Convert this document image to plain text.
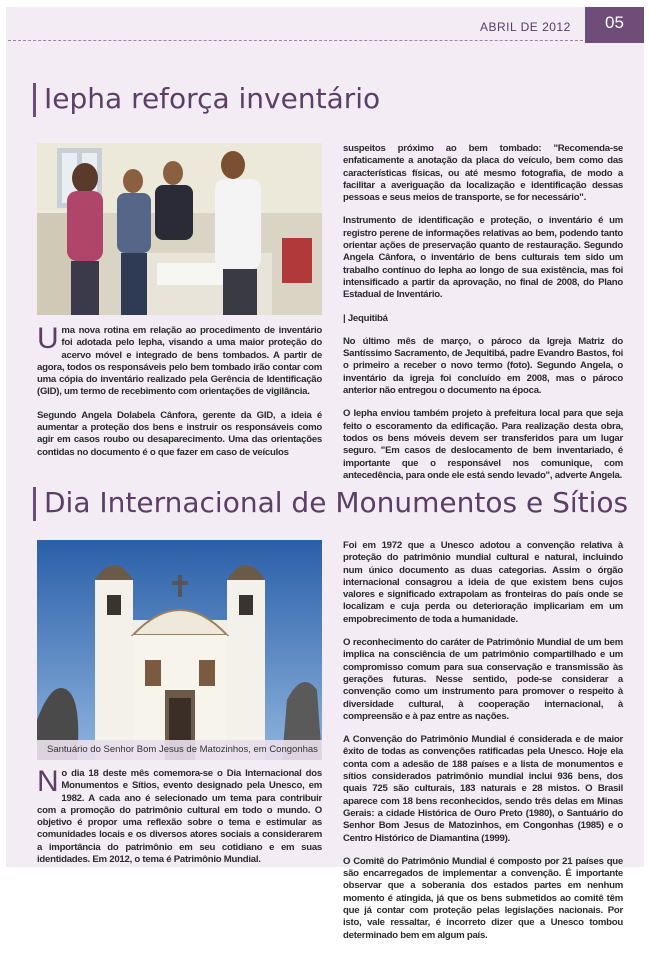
ABRIL DE 2012	05
Iepha reforça inventário

Uma nova rotina em relação ao procedimento de inventário foi adotada pelo Iepha, visando a uma maior proteção do acervo móvel e integrado de bens tombados. A partir de agora, todos os responsáveis pelo bem tombado irão contar com uma cópia do inventário realizado pela Gerência de Identificação (GID), um termo de recebimento com orientações de vigilância.

Segundo Angela Dolabela Cânfora, gerente da GID, a ideia é aumentar a proteção dos bens e instruir os responsáveis como agir em casos roubo ou desaparecimento. Uma das orientações contidas no documento é o que fazer em caso de veículos

suspeitos próximo ao bem tombado: "Recomenda-se enfaticamente a anotação da placa do veículo, bem como das características físicas, ou até mesmo fotografia, de modo a facilitar a averiguação da localização e identificação dessas pessoas e seus meios de transporte, se for necessário".

Instrumento de identificação e proteção, o inventário é um registro perene de informações relativas ao bem, podendo tanto orientar ações de preservação quanto de restauração. Segundo Angela Cânfora, o inventário de bens culturais tem sido um trabalho contínuo do Iepha ao longo de sua existência, mas foi intensificado a partir da aprovação, no final de 2008, do Plano Estadual de Inventário.

| Jequitibá

No último mês de março, o pároco da Igreja Matriz do Santíssimo Sacramento, de Jequitibá, padre Evandro Bastos, foi o primeiro a receber o novo termo (foto). Segundo Angela, o inventário da igreja foi concluído em 2008, mas o pároco anterior não entregou o documento na época.

O Iepha enviou também projeto à prefeitura local para que seja feito o escoramento da edificação. Para realização desta obra, todos os bens móveis devem ser transferidos para um lugar seguro. "Em casos de deslocamento de bem inventariado, é importante que o responsável nos comunique, com antecedência, para onde ele está sendo levado", adverte Angela.

Dia Internacional de Monumentos e Sítios
Santuário do Senhor Bom Jesus de Matozinhos, em Congonhas

No dia 18 deste mês comemora-se o Dia Internacional dos Monumentos e Sítios, evento designado pela Unesco, em 1982. A cada ano é selecionado um tema para contribuir com a promoção do patrimônio cultural em todo o mundo. O objetivo é propor uma reflexão sobre o tema e estimular as comunidades locais e os diversos atores sociais a considerarem a importância do patrimônio em seu cotidiano e em suas identidades. Em 2012, o tema é Patrimônio Mundial.

Foi em 1972 que a Unesco adotou a convenção relativa à proteção do patrimônio mundial cultural e natural, incluindo num único documento as duas categorias. Assim o órgão internacional consagrou a ideia de que existem bens cujos valores e significado extrapolam as fronteiras do país onde se localizam e cuja perda ou deterioração implicariam em um empobrecimento de toda a humanidade.

O reconhecimento do caráter de Patrimônio Mundial de um bem implica na consciência de um patrimônio compartilhado e um compromisso comum para sua conservação e transmissão às gerações futuras. Nesse sentido, pode-se considerar a convenção como um instrumento para promover o respeito à diversidade cultural, à cooperação internacional, à compreensão e à paz entre as nações.

A Convenção do Patrimônio Mundial é considerada e de maior êxito de todas as convenções ratificadas pela Unesco. Hoje ela conta com a adesão de 188 países e a lista de monumentos e sítios considerados patrimônio mundial inclui 936 bens, dos quais 725 são culturais, 183 naturais e 28 mistos. O Brasil aparece com 18 bens reconhecidos, sendo três delas em Minas Gerais: a cidade Histórica de Ouro Preto (1980), o Santuário do Senhor Bom Jesus de Matozinhos, em Congonhas (1985) e o Centro Histórico de Diamantina (1999).

O Comitê do Patrimônio Mundial é composto por 21 países que são encarregados de implementar a convenção. É importante observar que a soberania dos estados partes em nenhum momento é atingida, já que os bens submetidos ao comitê têm que já contar com proteção pelas legislações nacionais. Por isto, vale ressaltar, é incorreto dizer que a Unesco tombou determinado bem em algum país.
